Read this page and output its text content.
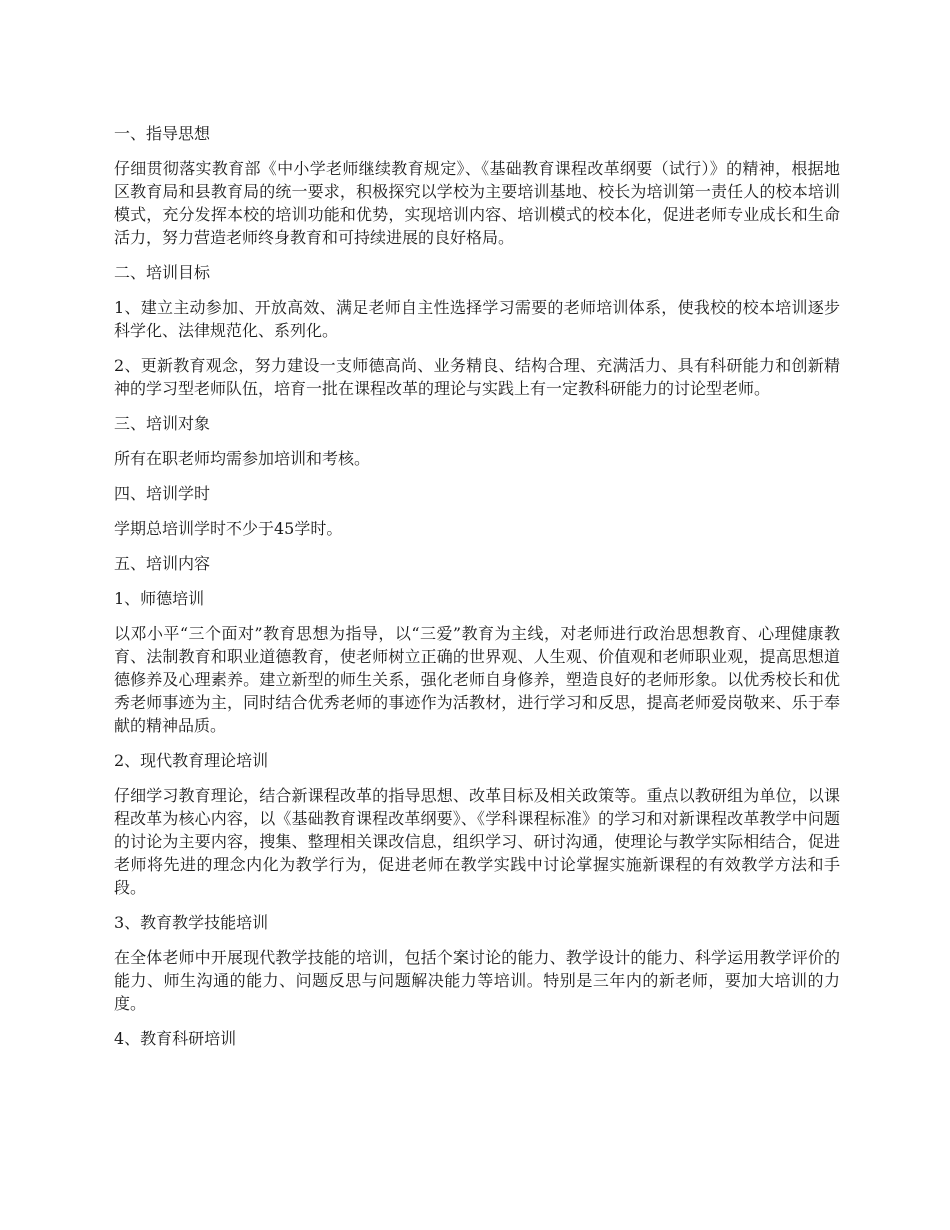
一、指导思想
仔细贯彻落实教育部《中小学老师继续教育规定》、《基础教育课程改革纲要（试行）》的精神，根据地区教育局和县教育局的统一要求，积极探究以学校为主要培训基地、校长为培训第一责任人的校本培训模式，充分发挥本校的培训功能和优势，实现培训内容、培训模式的校本化，促进老师专业成长和生命活力，努力营造老师终身教育和可持续进展的良好格局。
二、培训目标
1、建立主动参加、开放高效、满足老师自主性选择学习需要的老师培训体系，使我校的校本培训逐步科学化、法律规范化、系列化。
2、更新教育观念，努力建设一支师德高尚、业务精良、结构合理、充满活力、具有科研能力和创新精神的学习型老师队伍，培育一批在课程改革的理论与实践上有一定教科研能力的讨论型老师。
三、培训对象
所有在职老师均需参加培训和考核。
四、培训学时
学期总培训学时不少于45学时。
五、培训内容
1、师德培训
以邓小平“三个面对”教育思想为指导，以“三爱”教育为主线，对老师进行政治思想教育、心理健康教育、法制教育和职业道德教育，使老师树立正确的世界观、人生观、价值观和老师职业观，提高思想道德修养及心理素养。建立新型的师生关系，强化老师自身修养，塑造良好的老师形象。以优秀校长和优秀老师事迹为主，同时结合优秀老师的事迹作为活教材，进行学习和反思，提高老师爱岗敬来、乐于奉献的精神品质。
2、现代教育理论培训
仔细学习教育理论，结合新课程改革的指导思想、改革目标及相关政策等。重点以教研组为单位，以课程改革为核心内容，以《基础教育课程改革纲要》、《学科课程标准》的学习和对新课程改革教学中问题的讨论为主要内容，搜集、整理相关课改信息，组织学习、研讨沟通，使理论与教学实际相结合，促进老师将先进的理念内化为教学行为，促进老师在教学实践中讨论掌握实施新课程的有效教学方法和手段。
3、教育教学技能培训
在全体老师中开展现代教学技能的培训，包括个案讨论的能力、教学设计的能力、科学运用教学评价的能力、师生沟通的能力、问题反思与问题解决能力等培训。特别是三年内的新老师，要加大培训的力度。
4、教育科研培训
